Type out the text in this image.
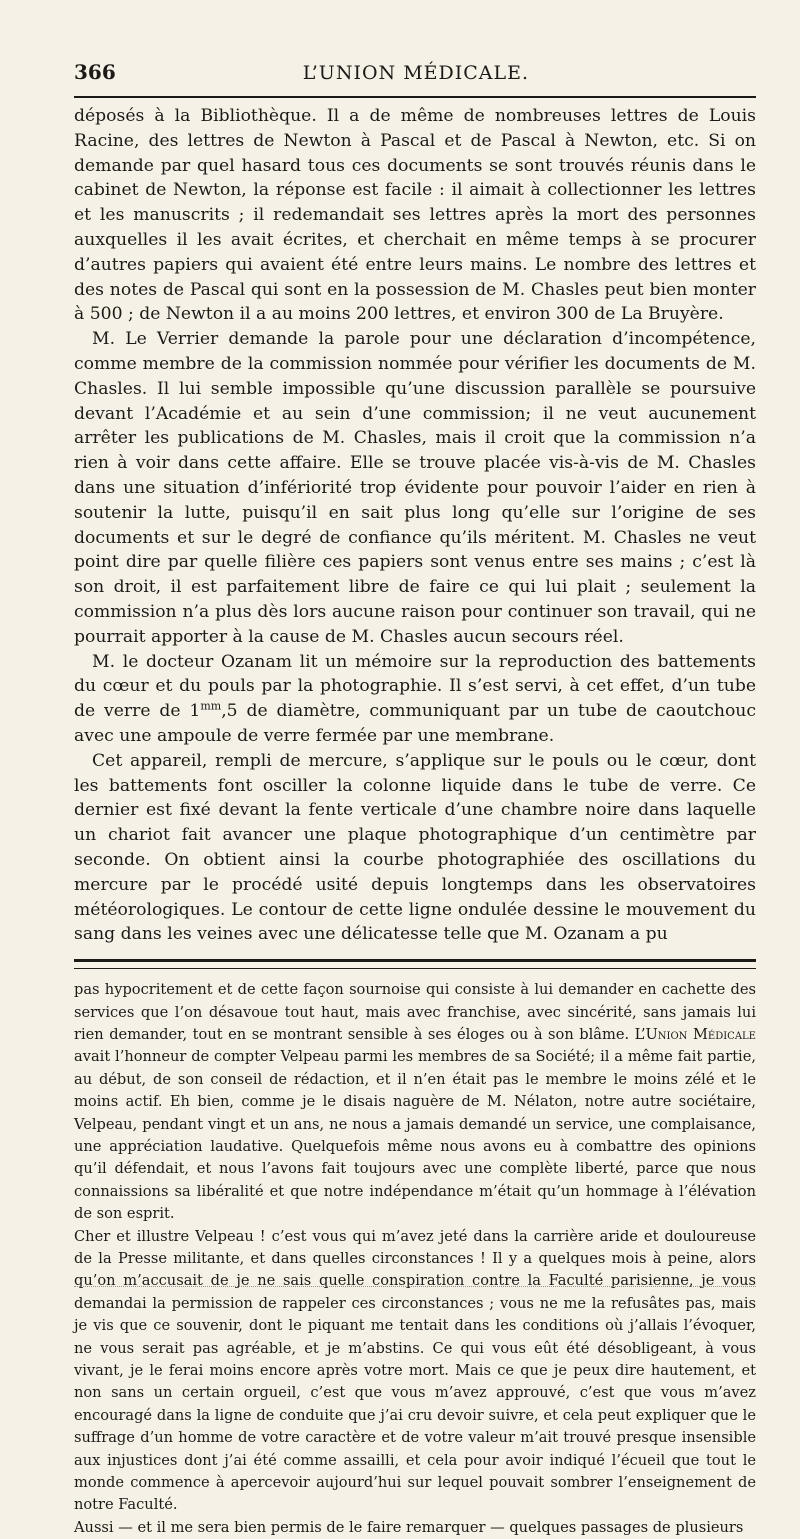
366	L’UNION MÉDICALE.

déposés à la Bibliothèque. Il a de même de nombreuses lettres de Louis Racine, des lettres de Newton à Pascal et de Pascal à Newton, etc. Si on demande par quel hasard tous ces documents se sont trouvés réunis dans le cabinet de Newton, la réponse est facile : il aimait à collectionner les lettres et les manuscrits ; il redemandait ses lettres après la mort des personnes auxquelles il les avait écrites, et cherchait en même temps à se procurer d’autres papiers qui avaient été entre leurs mains. Le nombre des lettres et des notes de Pascal qui sont en la possession de M. Chasles peut bien monter à 500 ; de Newton il a au moins 200 lettres, et environ 300 de La Bruyère.

M. Le Verrier demande la parole pour une déclaration d’incompétence, comme membre de la commission nommée pour vérifier les documents de M. Chasles. Il lui semble impossible qu’une discussion parallèle se poursuive devant l’Académie et au sein d’une commission; il ne veut aucunement arrêter les publications de M. Chasles, mais il croit que la commission n’a rien à voir dans cette affaire. Elle se trouve placée vis-à-vis de M. Chasles dans une situation d’infériorité trop évidente pour pouvoir l’aider en rien à soutenir la lutte, puisqu’il en sait plus long qu’elle sur l’origine de ses documents et sur le degré de confiance qu’ils méritent. M. Chasles ne veut point dire par quelle filière ces papiers sont venus entre ses mains ; c’est là son droit, il est parfaitement libre de faire ce qui lui plait ; seulement la commission n’a plus dès lors aucune raison pour continuer son travail, qui ne pourrait apporter à la cause de M. Chasles aucun secours réel.

M. le docteur Ozanam lit un mémoire sur la reproduction des battements du cœur et du pouls par la photographie. Il s’est servi, à cet effet, d’un tube de verre de $1^{mm},5$ de diamètre, communiquant par un tube de caoutchouc avec une ampoule de verre fermée par une membrane.

Cet appareil, rempli de mercure, s’applique sur le pouls ou le cœur, dont les battements font osciller la colonne liquide dans le tube de verre. Ce dernier est fixé devant la fente verticale d’une chambre noire dans laquelle un chariot fait avancer une plaque photographique d’un centimètre par seconde. On obtient ainsi la courbe photographiée des oscillations du mercure par le procédé usité depuis longtemps dans les observatoires météorologiques. Le contour de cette ligne ondulée dessine le mouvement du sang dans les veines avec une délicatesse telle que M. Ozanam a pu

pas hypocritement et de cette façon sournoise qui consiste à lui demander en cachette des services que l’on désavoue tout haut, mais avec franchise, avec sincérité, sans jamais lui rien demander, tout en se montrant sensible à ses éloges ou à son blâme. L’Union Médicale avait l’honneur de compter Velpeau parmi les membres de sa Société; il a même fait partie, au début, de son conseil de rédaction, et il n’en était pas le membre le moins zélé et le moins actif. Eh bien, comme je le disais naguère de M. Nélaton, notre autre sociétaire, Velpeau, pendant vingt et un ans, ne nous a jamais demandé un service, une complaisance, une appréciation laudative. Quelquefois même nous avons eu à combattre des opinions qu’il défendait, et nous l’avons fait toujours avec une complète liberté, parce que nous connaissions sa libéralité et que notre indépendance m’était qu’un hommage à l’élévation de son esprit.

Cher et illustre Velpeau ! c’est vous qui m’avez jeté dans la carrière aride et douloureuse de la Presse militante, et dans quelles circonstances ! Il y a quelques mois à peine, alors qu’on m’accusait de je ne sais quelle conspiration contre la Faculté parisienne, je vous demandai la permission de rappeler ces circonstances ; vous ne me la refusâtes pas, mais je vis que ce souvenir, dont le piquant me tentait dans les conditions où j’allais l’évoquer, ne vous serait pas agréable, et je m’abstins. Ce qui vous eût été désobligeant, à vous vivant, je le ferai moins encore après votre mort. Mais ce que je peux dire hautement, et non sans un certain orgueil, c’est que vous m’avez approuvé, c’est que vous m’avez encouragé dans la ligne de conduite que j’ai cru devoir suivre, et cela peut expliquer que le suffrage d’un homme de votre caractère et de votre valeur m’ait trouvé presque insensible aux injustices dont j’ai été comme assailli, et cela pour avoir indiqué l’écueil que tout le monde commence à apercevoir aujourd’hui sur lequel pouvait sombrer l’enseignement de notre Faculté.

Aussi — et il me sera bien permis de le faire remarquer — quelques passages de plusieurs
